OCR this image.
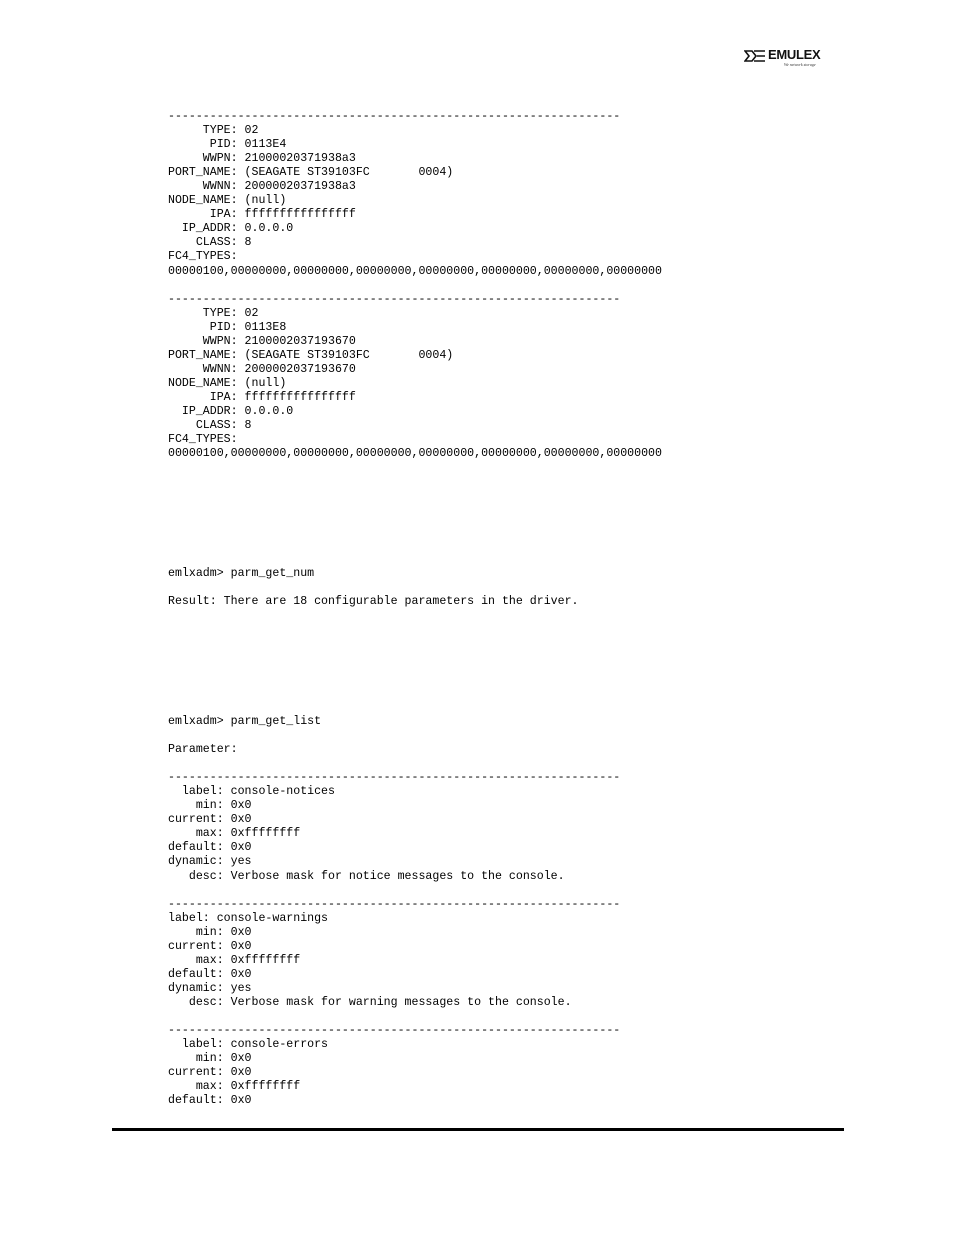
EMULEX
We network storage
-----------------------------------------------------------------
TYPE: 02
PID: 0113E4
WWPN: 21000020371938a3
PORT_NAME: (SEAGATE ST39103FC       0004)
WWNN: 20000020371938a3
NODE_NAME: (null)
IPA: ffffffffffffffff
IP_ADDR: 0.0.0.0
CLASS: 8
FC4_TYPES:
00000100,00000000,00000000,00000000,00000000,00000000,00000000,00000000

-----------------------------------------------------------------
TYPE: 02
PID: 0113E8
WWPN: 2100002037193670
PORT_NAME: (SEAGATE ST39103FC       0004)
WWNN: 2000002037193670
NODE_NAME: (null)
IPA: ffffffffffffffff
IP_ADDR: 0.0.0.0
CLASS: 8
FC4_TYPES:
00000100,00000000,00000000,00000000,00000000,00000000,00000000,00000000
emlxadm> parm_get_num

Result: There are 18 configurable parameters in the driver.
emlxadm> parm_get_list

Parameter:

-----------------------------------------------------------------
label: console-notices
min: 0x0
current: 0x0
max: 0xffffffff
default: 0x0
dynamic: yes
desc: Verbose mask for notice messages to the console.

-----------------------------------------------------------------
label: console-warnings
min: 0x0
current: 0x0
max: 0xffffffff
default: 0x0
dynamic: yes
desc: Verbose mask for warning messages to the console.

-----------------------------------------------------------------
label: console-errors
min: 0x0
current: 0x0
max: 0xffffffff
default: 0x0
